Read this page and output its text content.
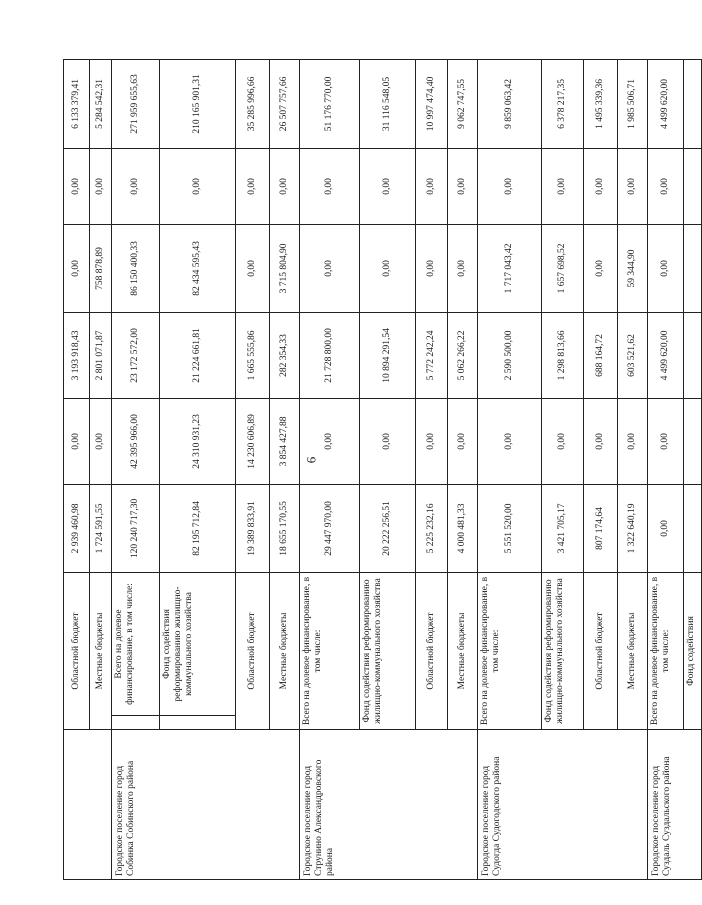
6
	Областной бюджет		2 939 460,98	0,00	3 193 918,43	0,00	0,00	6 133 379,41
	Местные бюджеты		1 724 591,55	0,00	2 801 071,87	758 878,89	0,00	5 284 542,31
Городское поселение город Собинка Собинского района		Всего на долевое финансирование, в том числе:	120 240 717,30	42 395 966,00	23 172 572,00	86 150 400,33	0,00	271 959 655,63
		Фонд содействия реформированию жилищно-коммунального хозяйства	82 195 712,84	24 310 931,23	21 224 661,81	82 434 595,43	0,00	210 165 901,31
	Областной бюджет		19 389 833,91	14 230 606,89	1 665 555,86	0,00	0,00	35 285 996,66
	Местные бюджеты		18 655 170,55	3 854 427,88	282 354,33	3 715 804,90	0,00	26 507 757,66
Городское поселение город Струнино Александровского района	Всего на долевое финансирование, в том числе:		29 447 970,00	0,00	21 728 800,00	0,00	0,00	51 176 770,00
	Фонд содействия реформированию жилищно-коммунального хозяйства		20 222 256,51	0,00	10 894 291,54	0,00	0,00	31 116 548,05
	Областной бюджет		5 225 232,16	0,00	5 772 242,24	0,00	0,00	10 997 474,40
	Местные бюджеты		4 000 481,33	0,00	5 062 266,22	0,00	0,00	9 062 747,55
Городское поселение город Судогда Судогодского района	Всего на долевое финансирование, в том числе:		5 551 520,00	0,00	2 590 500,00	1 717 043,42	0,00	9 859 063,42
	Фонд содействия реформированию жилищно-коммунального хозяйства		3 421 705,17	0,00	1 298 813,66	1 657 698,52	0,00	6 378 217,35
	Областной бюджет		807 174,64	0,00	688 164,72	0,00	0,00	1 495 339,36
	Местные бюджеты		1 322 640,19	0,00	603 521,62	59 344,90	0,00	1 985 506,71
Городское поселение город Суздаль Суздальского района	Всего на долевое финансирование, в том числе:		0,00	0,00	4 499 620,00	0,00	0,00	4 499 620,00
	Фонд содействия							
